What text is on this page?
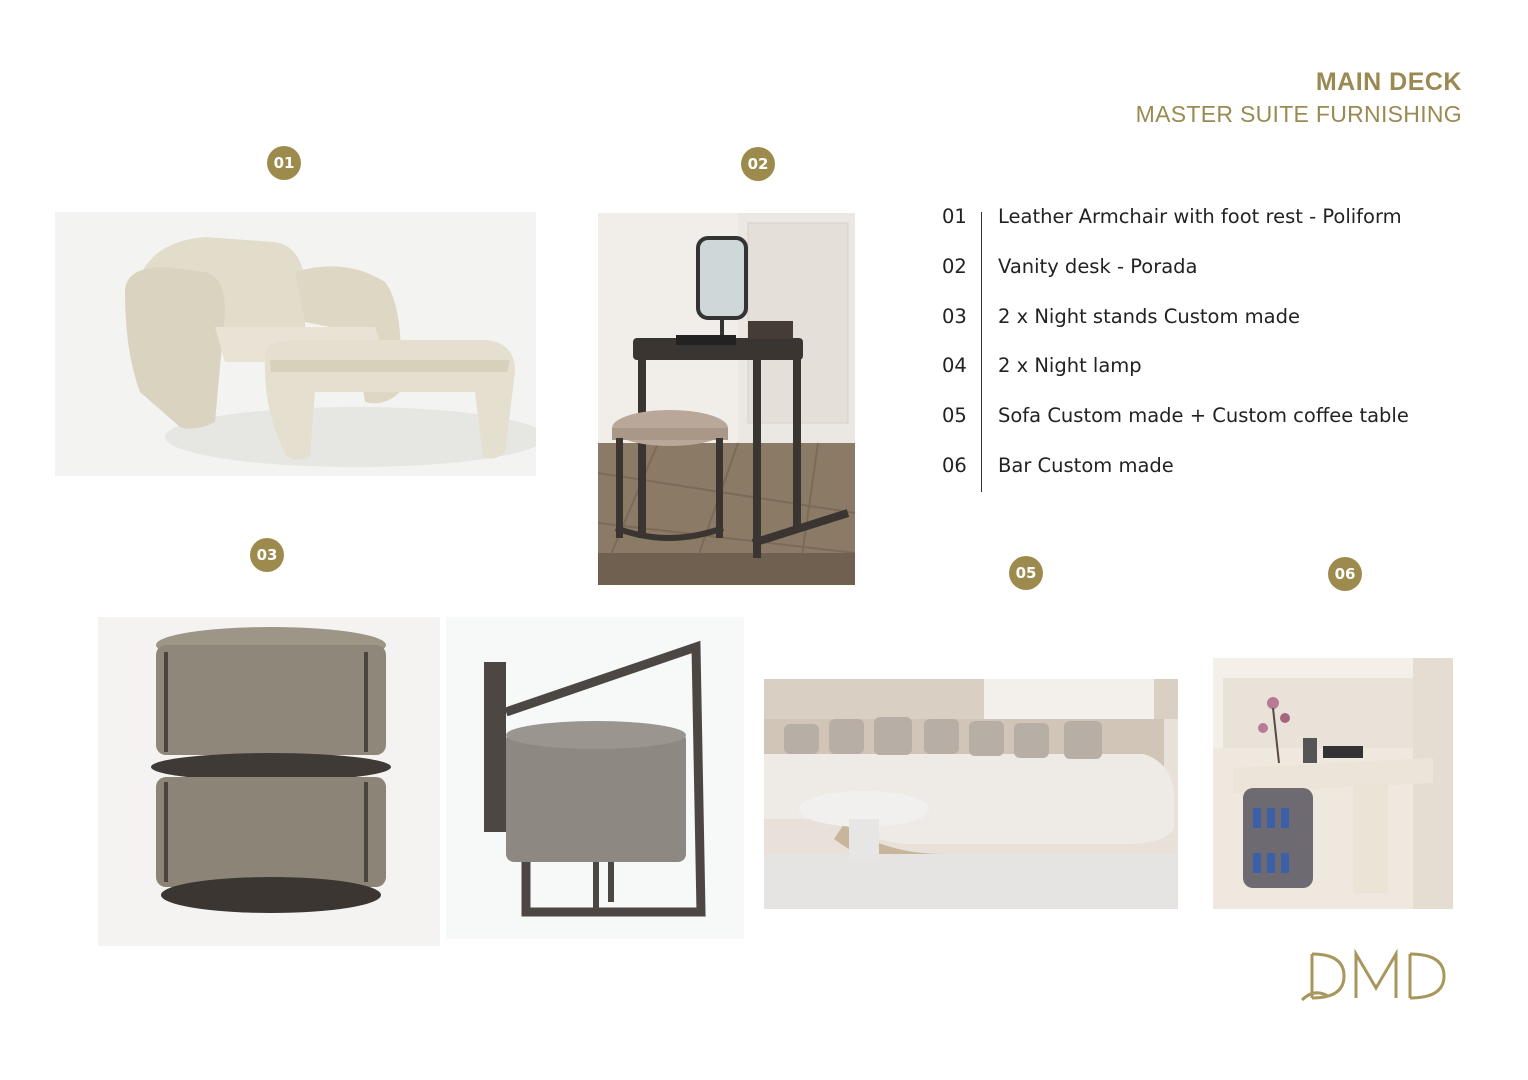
MAIN DECK
MASTER SUITE FURNISHING
01	02
03
05	06
01	Leather Armchair with foot rest - Poliform
02	Vanity desk - Porada
03	2 x Night stands Custom made
04	2 x Night lamp
05	Sofa Custom made + Custom coffee table
06	Bar Custom made
